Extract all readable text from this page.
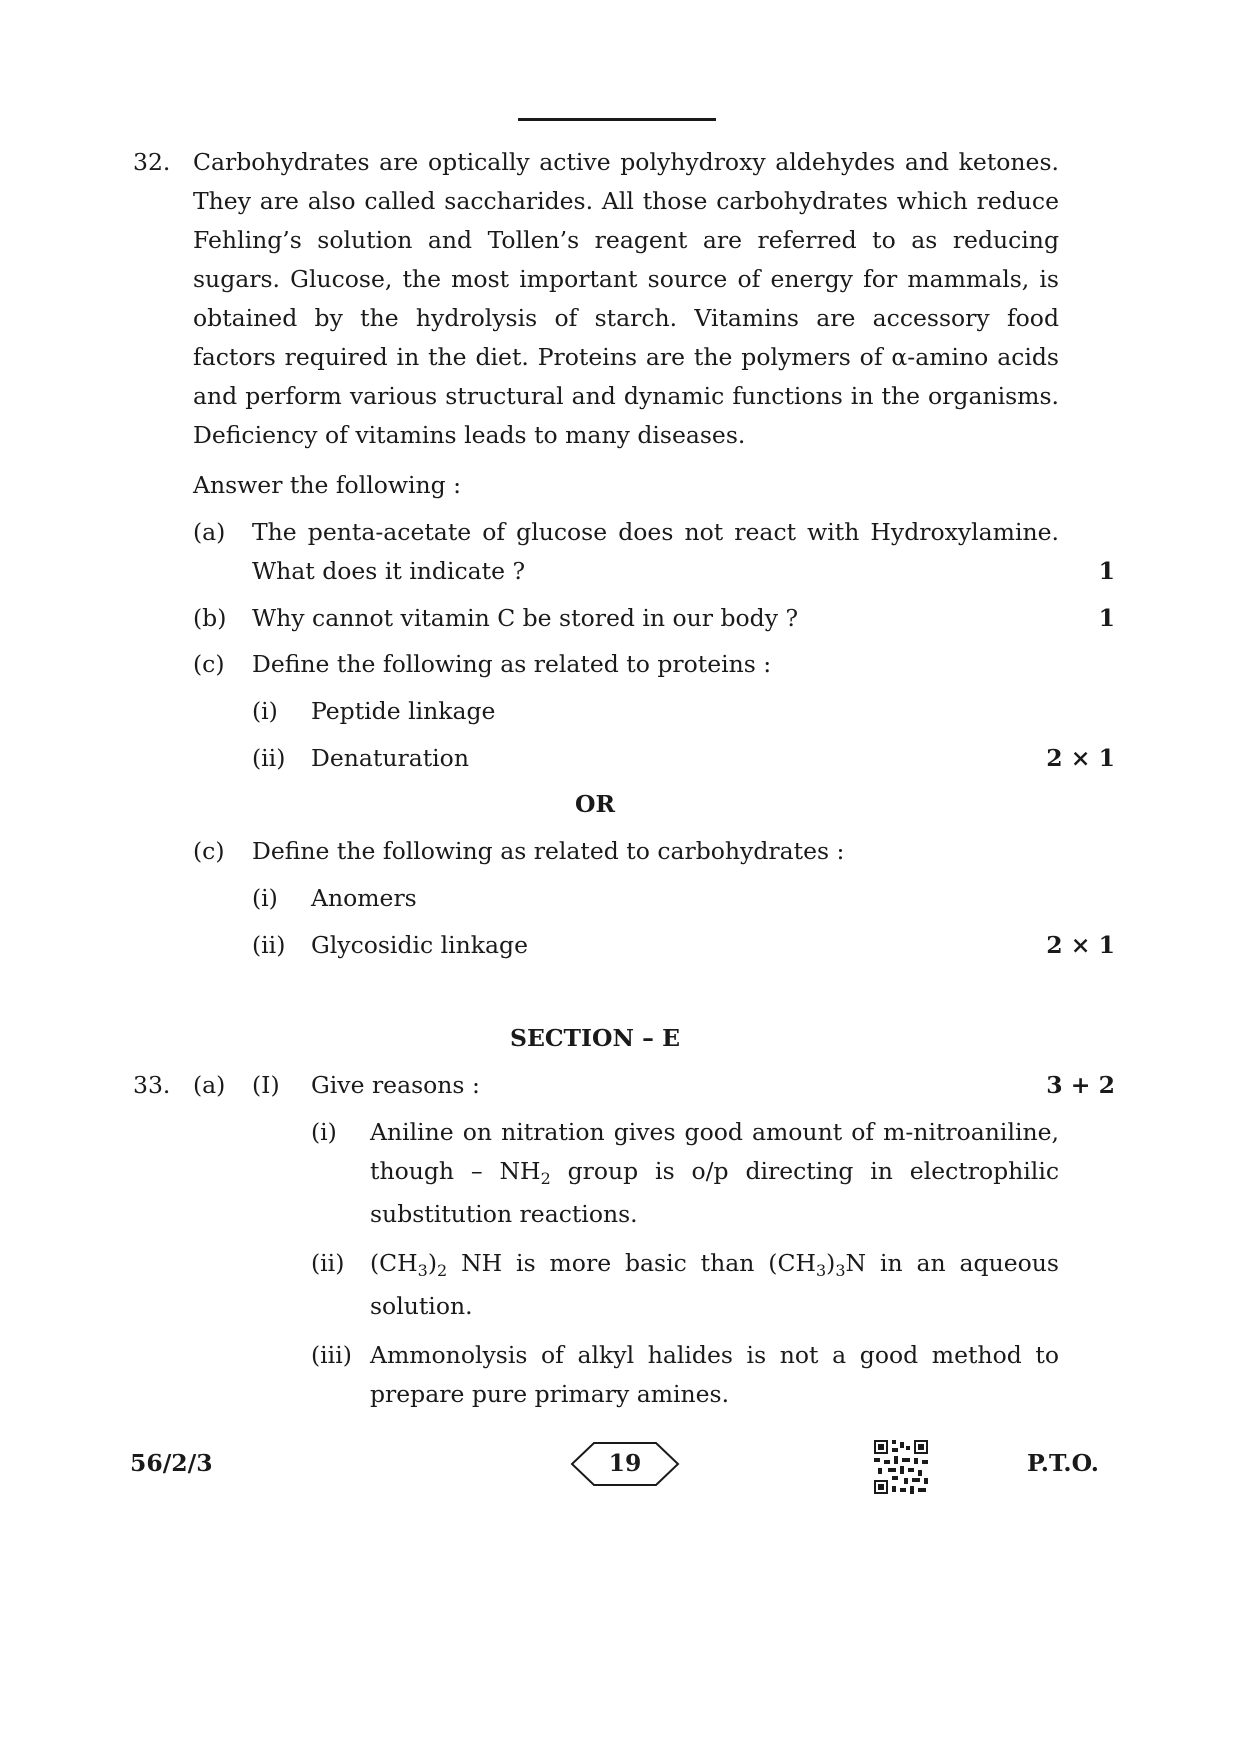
32. Carbohydrates are optically active polyhydroxy aldehydes and ketones. They are also called saccharides. All those carbohydrates which reduce Fehling’s solution and Tollen’s reagent are referred to as reducing sugars. Glucose, the most important source of energy for mammals, is obtained by the hydrolysis of starch. Vitamins are accessory food factors required in the diet. Proteins are the polymers of α-amino acids and perform various structural and dynamic functions in the organisms. Deficiency of vitamins leads to many diseases.
Answer the following :
(a) The penta-acetate of glucose does not react with Hydroxylamine. What does it indicate ?	1
(b) Why cannot vitamin C be stored in our body ?	1
(c) Define the following as related to proteins :
(i) Peptide linkage
(ii) Denaturation	2 × 1
OR
(c) Define the following as related to carbohydrates :
(i) Anomers
(ii) Glycosidic linkage	2 × 1
SECTION – E
33. (a) (I) Give reasons :	3 + 2
(i) Aniline on nitration gives good amount of m-nitroaniline,
though – $NH_2$ group is o/p directing in electrophilic
substitution reactions.
(ii) $(CH_3)_2$ NH is more basic than $(CH_3)_3N$ in an aqueous
solution.
(iii) Ammonolysis of alkyl halides is not a good method to prepare pure primary amines.
56/2/3	19	P.T.O.
